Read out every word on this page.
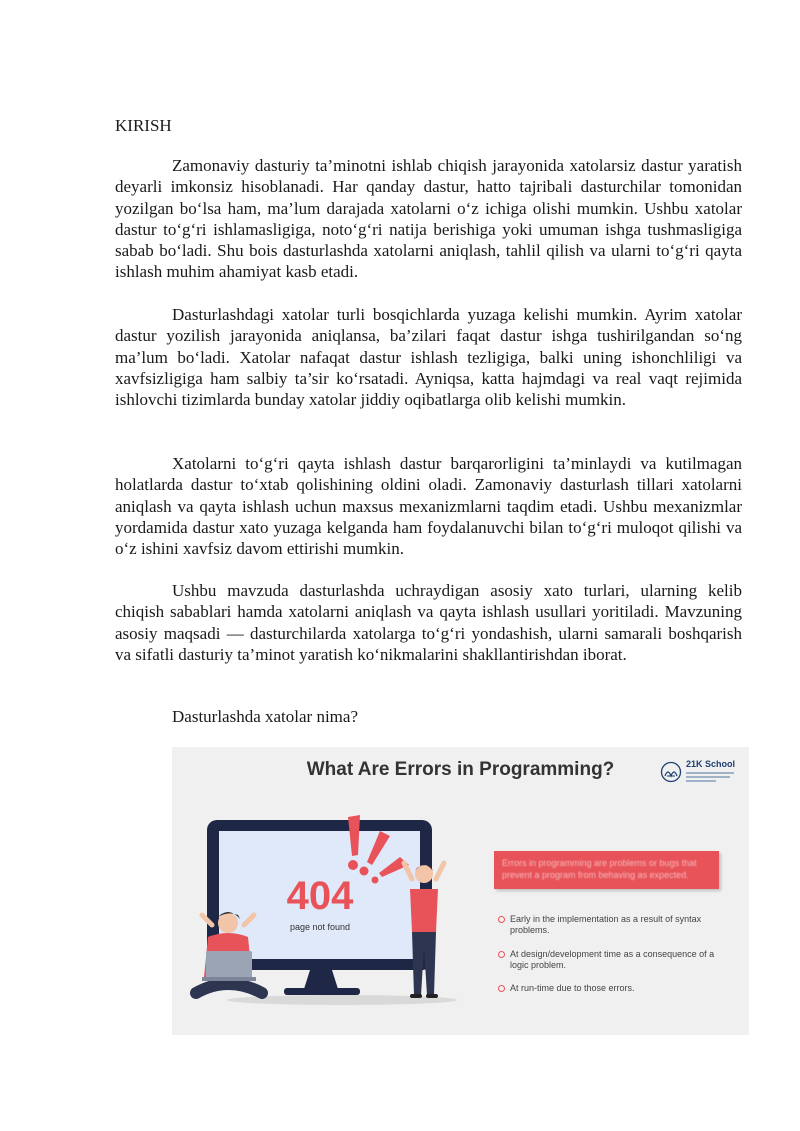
KIRISH

Zamonaviy dasturiy ta’minotni ishlab chiqish jarayonida xatolarsiz dastur yaratish deyarli imkonsiz hisoblanadi. Har qanday dastur, hatto tajribali dasturchilar tomonidan yozilgan bo‘lsa ham, ma’lum darajada xatolarni o‘z ichiga olishi mumkin. Ushbu xatolar dastur to‘g‘ri ishlamasligiga, noto‘g‘ri natija berishiga yoki umuman ishga tushmasligiga sabab bo‘ladi. Shu bois dasturlashda xatolarni aniqlash, tahlil qilish va ularni to‘g‘ri qayta ishlash muhim ahamiyat kasb etadi.

Dasturlashdagi xatolar turli bosqichlarda yuzaga kelishi mumkin. Ayrim xatolar dastur yozilish jarayonida aniqlansa, ba’zilari faqat dastur ishga tushirilgandan so‘ng ma’lum bo‘ladi. Xatolar nafaqat dastur ishlash tezligiga, balki uning ishonchliligi va xavfsizligiga ham salbiy ta’sir ko‘rsatadi. Ayniqsa, katta hajmdagi va real vaqt rejimida ishlovchi tizimlarda bunday xatolar jiddiy oqibatlarga olib kelishi mumkin.

Xatolarni to‘g‘ri qayta ishlash dastur barqarorligini ta’minlaydi va kutilmagan holatlarda dastur to‘xtab qolishining oldini oladi. Zamonaviy dasturlash tillari xatolarni aniqlash va qayta ishlash uchun maxsus mexanizmlarni taqdim etadi. Ushbu mexanizmlar yordamida dastur xato yuzaga kelganda ham foydalanuvchi bilan to‘g‘ri muloqot qilishi va o‘z ishini xavfsiz davom ettirishi mumkin.

Ushbu mavzuda dasturlashda uchraydigan asosiy xato turlari, ularning kelib chiqish sabablari hamda xatolarni aniqlash va qayta ishlash usullari yoritiladi. Mavzuning asosiy maqsadi — dasturchilarda xatolarga to‘g‘ri yondashish, ularni samarali boshqarish va sifatli dasturiy ta’minot yaratish ko‘nikmalarini shakllantirishdan iborat.

Dasturlashda xatolar nima?
What Are Errors in Programming?	21K School
404
page not found
Errors in programming are problems or bugs that prevent a program from behaving as expected.
Early in the implementation as a result of syntax problems.
At design/development time as a consequence of a logic problem.
At run-time due to those errors.
